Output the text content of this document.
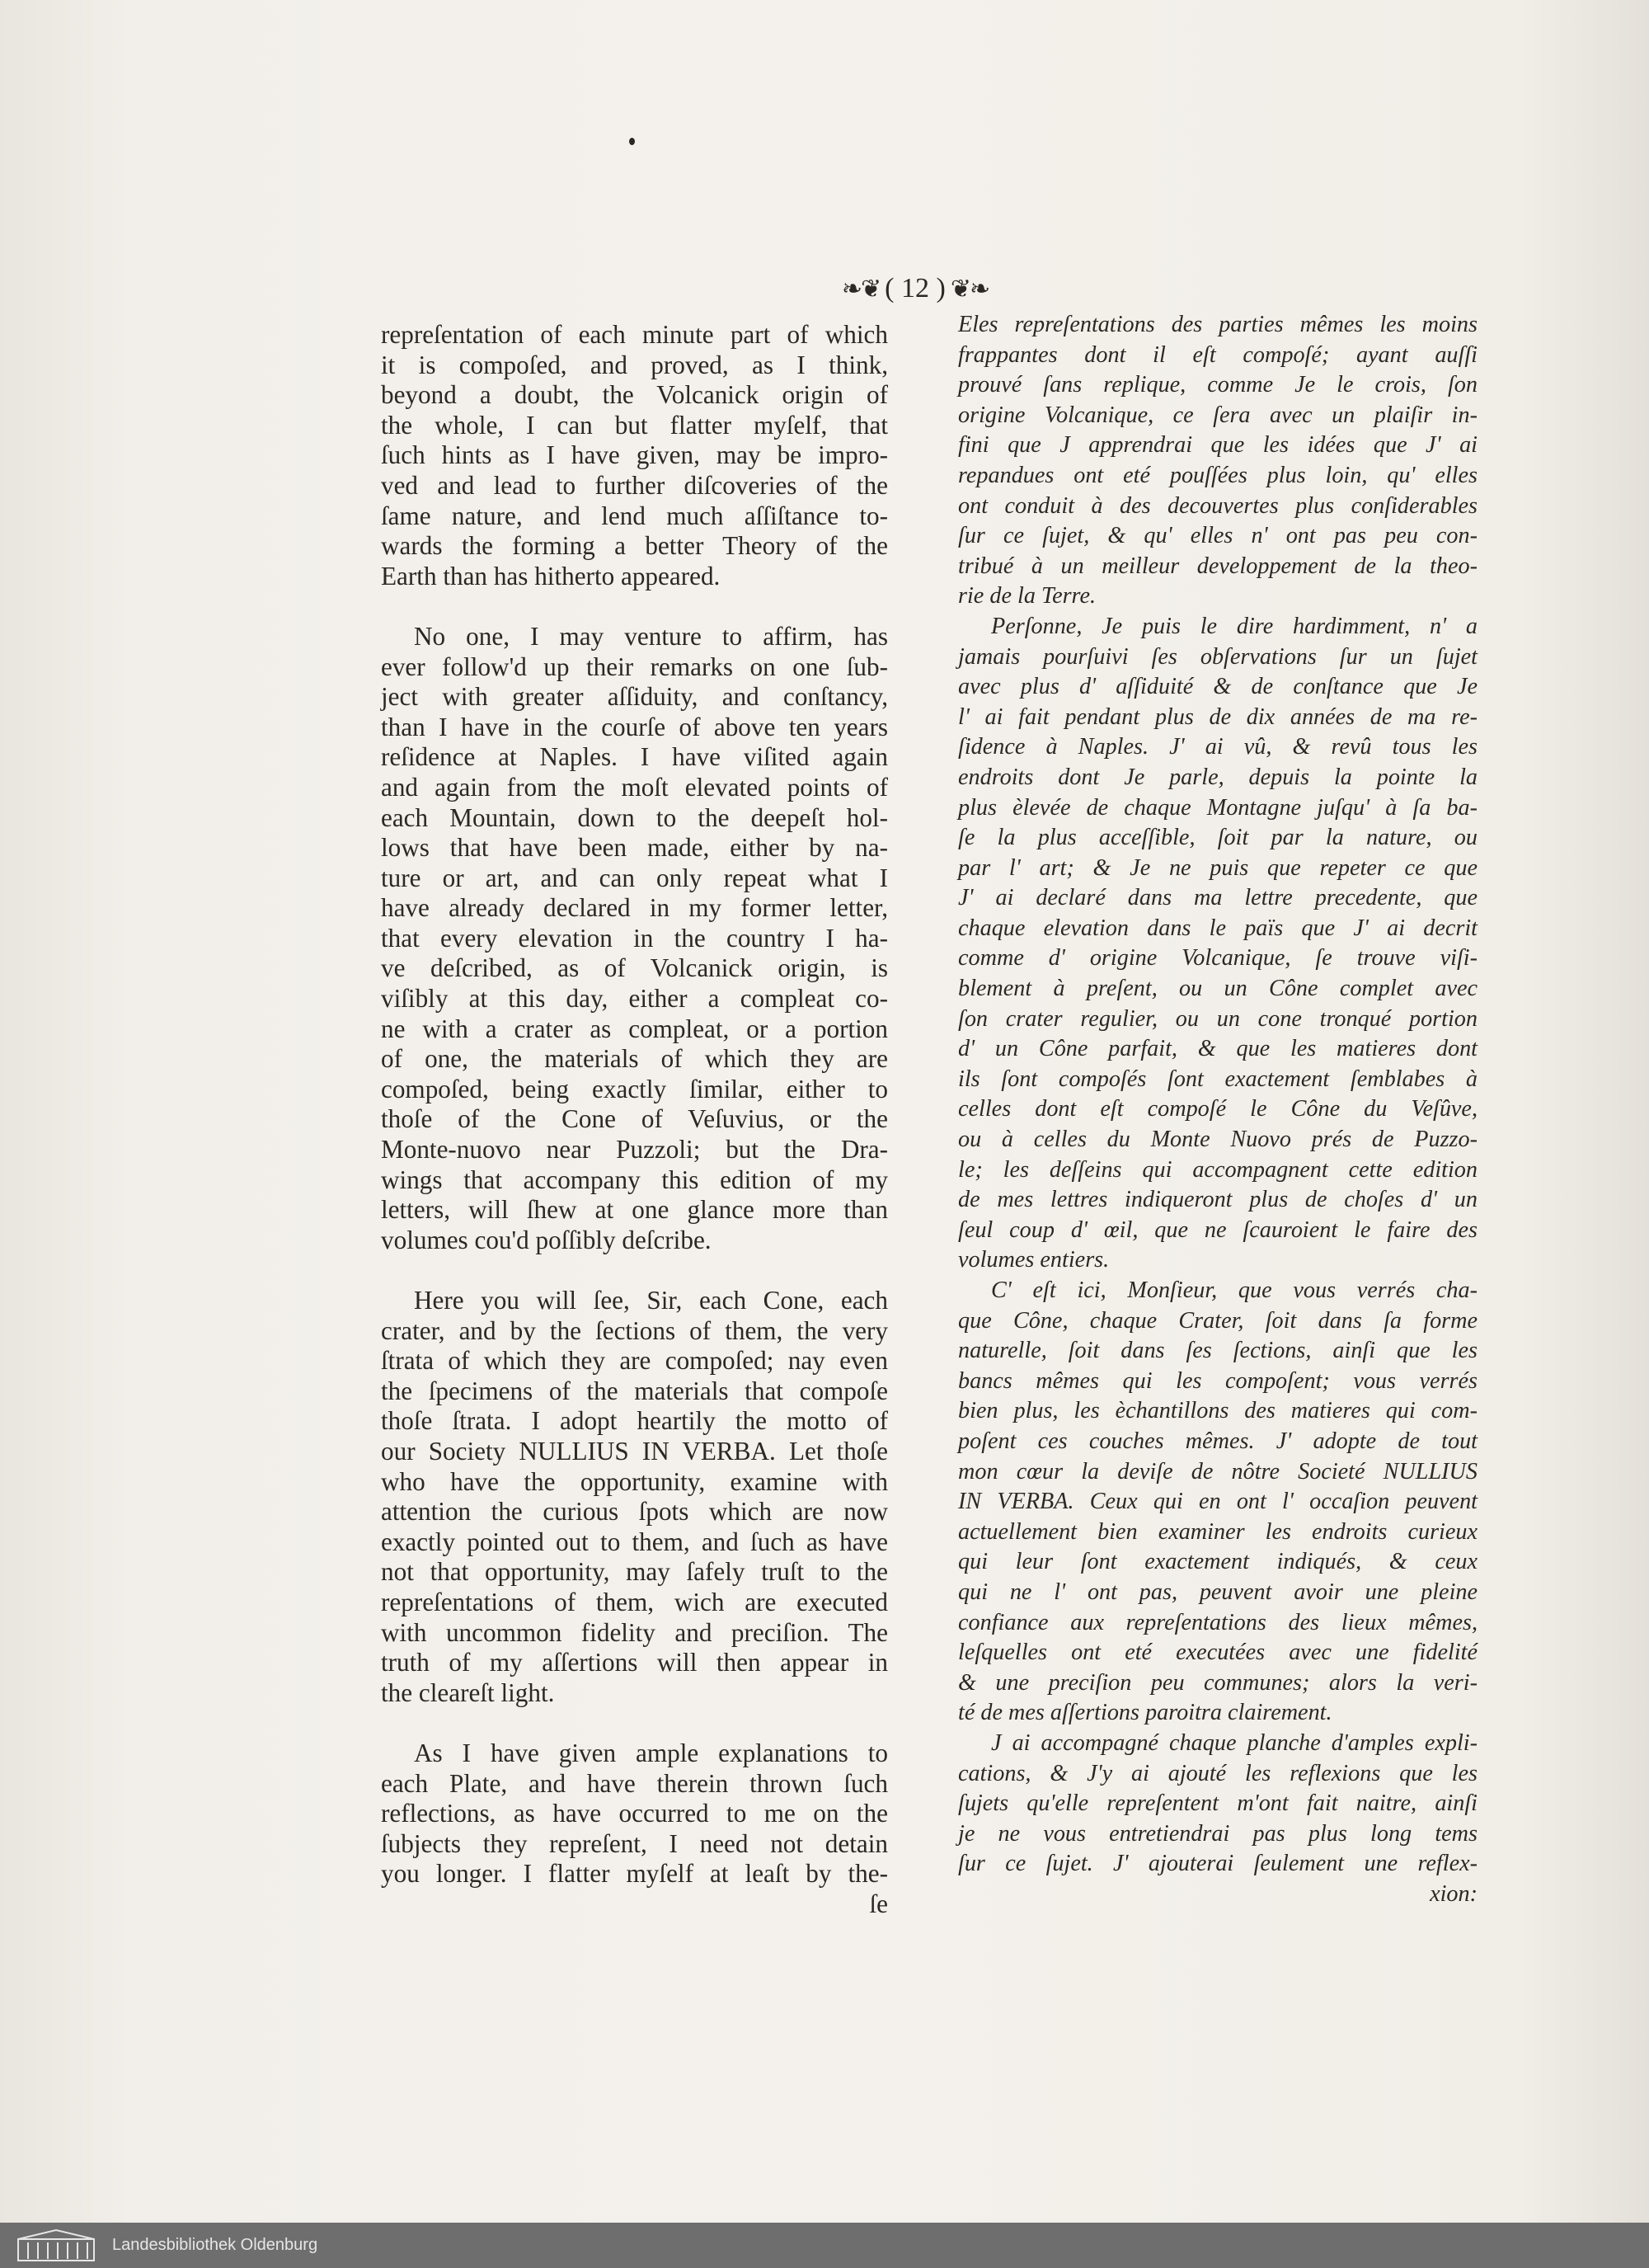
❧❦ ( 12 ) ❦❧
repreſentation of each minute part of which
it is compoſed, and proved, as I think,
beyond a doubt, the Volcanick origin of
the whole, I can but flatter myſelf, that
ſuch hints as I have given, may be impro-
ved and lead to further diſcoveries of the
ſame nature, and lend much aſſiſtance to-
wards the forming a better Theory of the
Earth than has hitherto appeared.
No one, I may venture to affirm, has
ever follow'd up their remarks on one ſub-
ject with greater aſſiduity, and conſtancy,
than I have in the courſe of above ten years
reſidence at Naples. I have viſited again
and again from the moſt elevated points of
each Mountain, down to the deepeſt hol-
lows that have been made, either by na-
ture or art, and can only repeat what I
have already declared in my former letter,
that every elevation in the country I ha-
ve deſcribed, as of Volcanick origin, is
viſibly at this day, either a compleat co-
ne with a crater as compleat, or a portion
of one, the materials of which they are
compoſed, being exactly ſimilar, either to
thoſe of the Cone of Veſuvius, or the
Monte-nuovo near Puzzoli; but the Dra-
wings that accompany this edition of my
letters, will ſhew at one glance more than
volumes cou'd poſſibly deſcribe.
Here you will ſee, Sir, each Cone, each
crater, and by the ſections of them, the very
ſtrata of which they are compoſed; nay even
the ſpecimens of the materials that compoſe
thoſe ſtrata. I adopt heartily the motto of
our Society NULLIUS IN VERBA. Let thoſe
who have the opportunity, examine with
attention the curious ſpots which are now
exactly pointed out to them, and ſuch as have
not that opportunity, may ſafely truſt to the
repreſentations of them, wich are executed
with uncommon fidelity and preciſion. The
truth of my aſſertions will then appear in
the cleareſt light.
As I have given ample explanations to
each Plate, and have therein thrown ſuch
reflections, as have occurred to me on the
ſubjects they repreſent, I need not detain
you longer. I flatter myſelf at leaſt by the-
ſe
Eles repreſentations des parties mêmes les moins
frappantes dont il eſt compoſé; ayant auſſi
prouvé ſans replique, comme Je le crois, ſon
origine Volcanique, ce ſera avec un plaiſir in-
fini que J apprendrai que les idées que J' ai
repandues ont eté pouſſées plus loin, qu' elles
ont conduit à des decouvertes plus conſiderables
ſur ce ſujet, & qu' elles n' ont pas peu con-
tribué à un meilleur developpement de la theo-
rie de la Terre.
Perſonne, Je puis le dire hardimment, n' a
jamais pourſuivi ſes obſervations ſur un ſujet
avec plus d' aſſiduité & de conſtance que Je
l' ai fait pendant plus de dix années de ma re-
ſidence à Naples. J' ai vû, & revû tous les
endroits dont Je parle, depuis la pointe la
plus èlevée de chaque Montagne juſqu' à ſa ba-
ſe la plus acceſſible, ſoit par la nature, ou
par l' art; & Je ne puis que repeter ce que
J' ai declaré dans ma lettre precedente, que
chaque elevation dans le païs que J' ai decrit
comme d' origine Volcanique, ſe trouve viſi-
blement à preſent, ou un Cône complet avec
ſon crater regulier, ou un cone tronqué portion
d' un Cône parfait, & que les matieres dont
ils ſont compoſés ſont exactement ſemblabes à
celles dont eſt compoſé le Cône du Veſûve,
ou à celles du Monte Nuovo prés de Puzzo-
le; les deſſeins qui accompagnent cette edition
de mes lettres indiqueront plus de choſes d' un
ſeul coup d' œil, que ne ſcauroient le faire des
volumes entiers.
C' eſt ici, Monſieur, que vous verrés cha-
que Cône, chaque Crater, ſoit dans ſa forme
naturelle, ſoit dans ſes ſections, ainſi que les
bancs mêmes qui les compoſent; vous verrés
bien plus, les èchantillons des matieres qui com-
poſent ces couches mêmes. J' adopte de tout
mon cœur la deviſe de nôtre Societé NULLIUS
IN VERBA. Ceux qui en ont l' occaſion peuvent
actuellement bien examiner les endroits curieux
qui leur ſont exactement indiqués, & ceux
qui ne l' ont pas, peuvent avoir une pleine
confiance aux repreſentations des lieux mêmes,
leſquelles ont eté executées avec une fidelité
& une preciſion peu communes; alors la veri-
té de mes aſſertions paroitra clairement.
J ai accompagné chaque planche d'amples expli-
cations, & J'y ai ajouté les reflexions que les
ſujets qu'elle repreſentent m'ont fait naitre, ainſi
je ne vous entretiendrai pas plus long tems
ſur ce ſujet. J' ajouterai ſeulement une reflex-
xion:
Landesbibliothek Oldenburg
